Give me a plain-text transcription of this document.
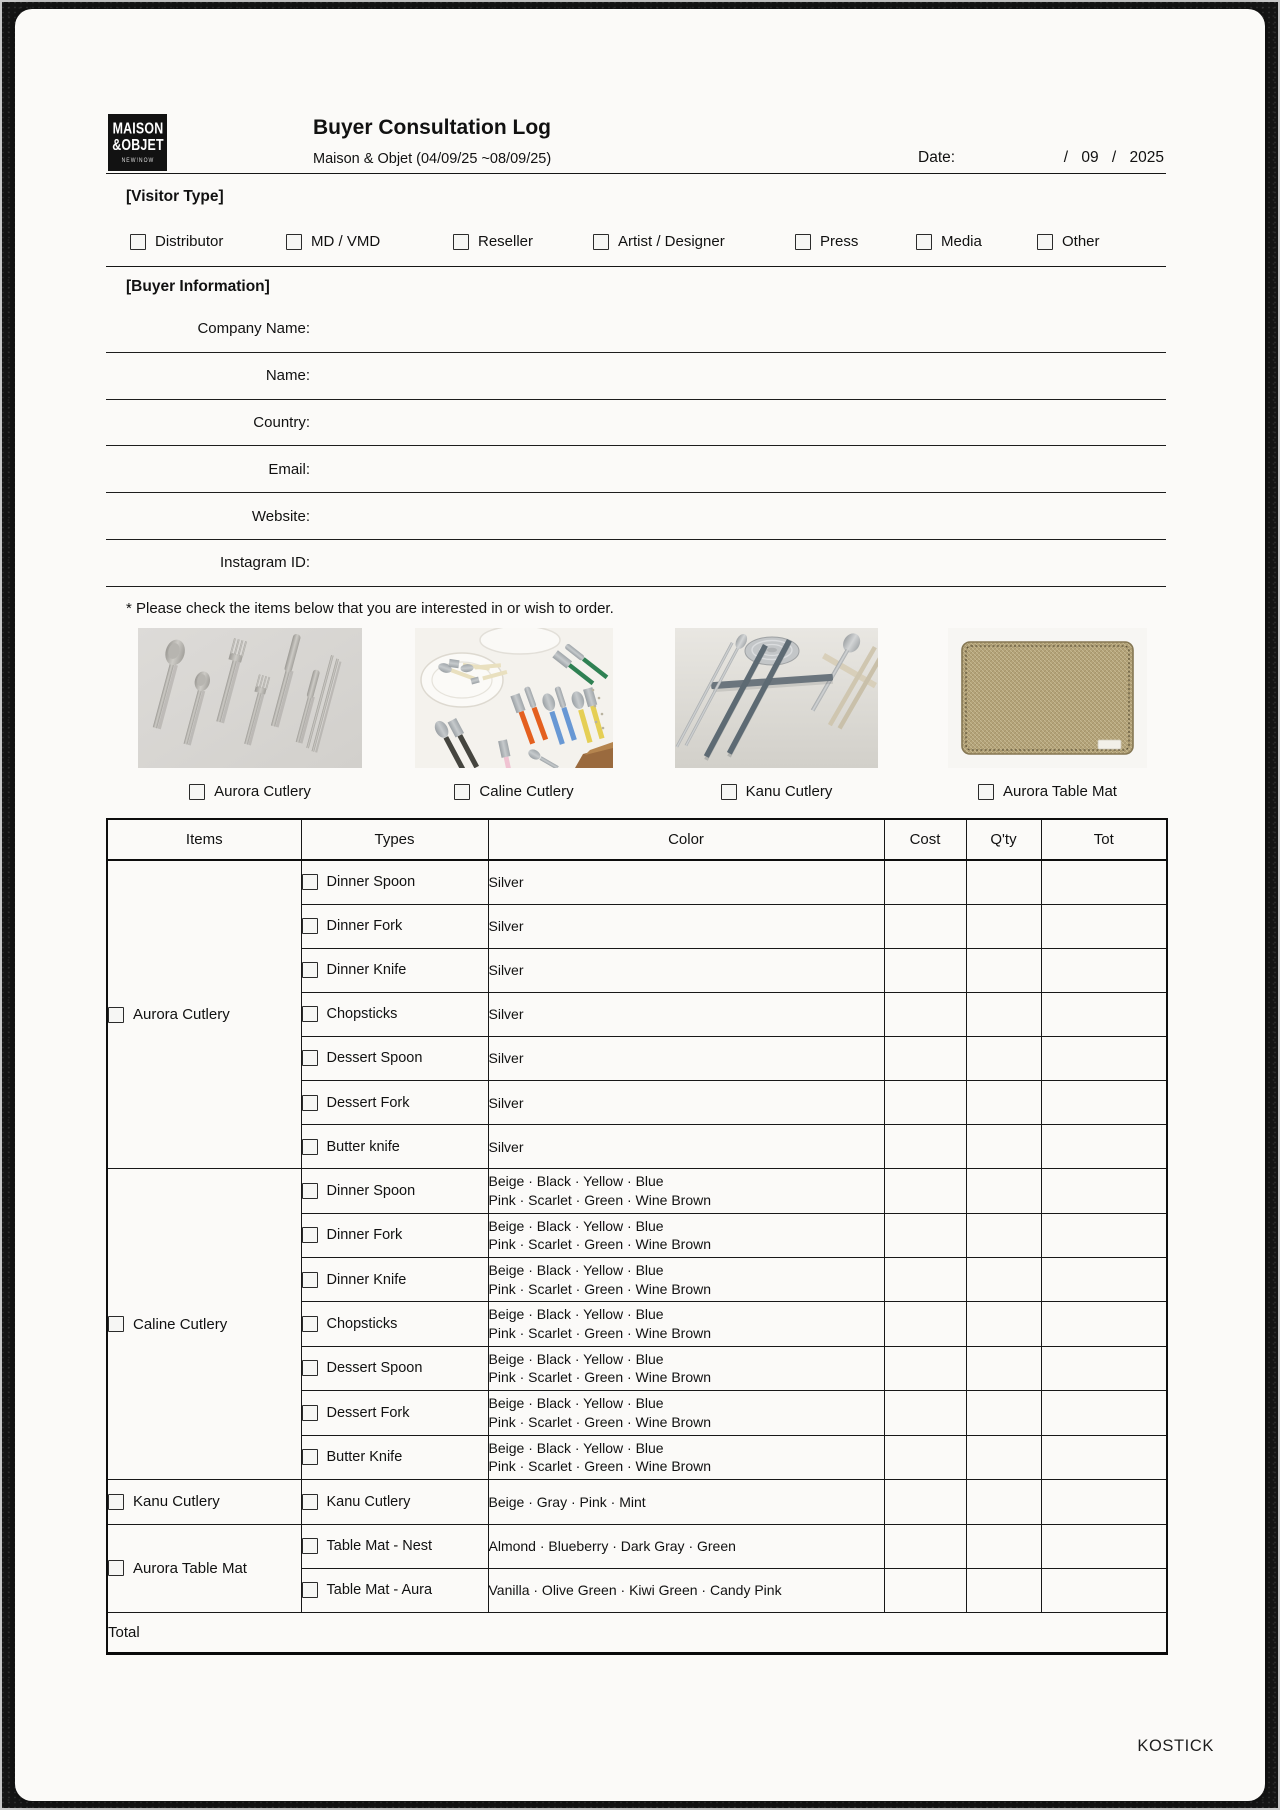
MAISON
&OBJET
NEW!NOW
Buyer Consultation Log
Maison & Objet (04/09/25 ~08/09/25)	Date:	/ 09 / 2025
[Visitor Type]
Distributor	MD / VMD	Reseller	Artist / Designer	Press	Media	Other
[Buyer Information]
Company Name:
Name:
Country:
Email:
Website:
Instagram ID:
* Please check the items below that you are interested in or wish to order.
Aurora Cutlery	Caline Cutlery	Kanu Cutlery	Aurora Table Mat
Items	Types	Color	Cost	Q'ty	Tot

Aurora Cutlery	Dinner Spoon	Silver			

	Dinner Fork	Silver			

	Dinner Knife	Silver			

	Chopsticks	Silver			

	Dessert Spoon	Silver			

	Dessert Fork	Silver			

	Butter knife	Silver			

Caline Cutlery	Dinner Spoon	Beige · Black · Yellow · Blue
Pink · Scarlet · Green · Wine Brown			

	Dinner Fork	Beige · Black · Yellow · Blue
Pink · Scarlet · Green · Wine Brown			

	Dinner Knife	Beige · Black · Yellow · Blue
Pink · Scarlet · Green · Wine Brown			

	Chopsticks	Beige · Black · Yellow · Blue
Pink · Scarlet · Green · Wine Brown			

	Dessert Spoon	Beige · Black · Yellow · Blue
Pink · Scarlet · Green · Wine Brown			

	Dessert Fork	Beige · Black · Yellow · Blue
Pink · Scarlet · Green · Wine Brown			

	Butter Knife	Beige · Black · Yellow · Blue
Pink · Scarlet · Green · Wine Brown			

Kanu Cutlery	Kanu Cutlery	Beige · Gray · Pink · Mint			

Aurora Table Mat	Table Mat - Nest	Almond · Blueberry · Dark Gray · Green			

	Table Mat - Aura	Vanilla · Olive Green · Kiwi Green · Candy Pink			

Total					
KOSTICK
